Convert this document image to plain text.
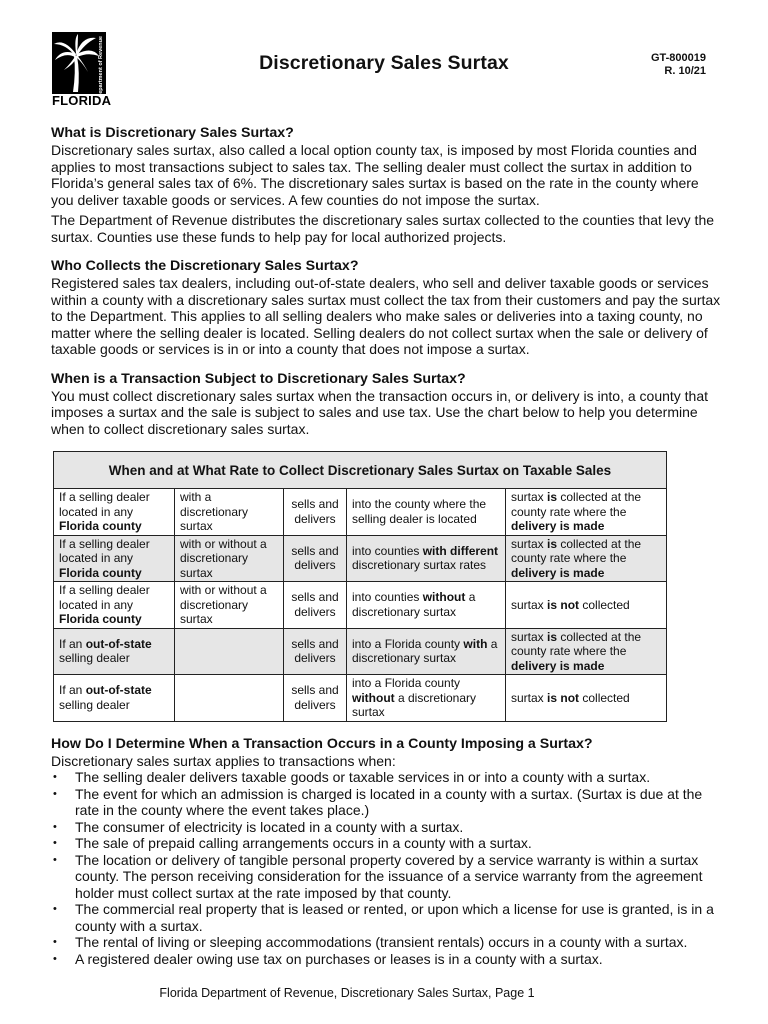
Department of Revenue
FLORIDA
Discretionary Sales Surtax	GT-800019
R. 10/21
What is Discretionary Sales Surtax?

Discretionary sales surtax, also called a local option county tax, is imposed by most Florida counties and applies to most transactions subject to sales tax. The selling dealer must collect the surtax in addition to Florida’s general sales tax of 6%. The discretionary sales surtax is based on the rate in the county where you deliver taxable goods or services. A few counties do not impose the surtax.

The Department of Revenue distributes the discretionary sales surtax collected to the counties that levy the surtax. Counties use these funds to help pay for local authorized projects.

Who Collects the Discretionary Sales Surtax?

Registered sales tax dealers, including out-of-state dealers, who sell and deliver taxable goods or services within a county with a discretionary sales surtax must collect the tax from their customers and pay the surtax to the Department. This applies to all selling dealers who make sales or deliveries into a taxing county, no matter where the selling dealer is located. Selling dealers do not collect surtax when the sale or delivery of taxable goods or services is in or into a county that does not impose a surtax.

When is a Transaction Subject to Discretionary Sales Surtax?

You must collect discretionary sales surtax when the transaction occurs in, or delivery is into, a county that imposes a surtax and the sale is subject to sales and use tax. Use the chart below to help you determine when to collect discretionary sales surtax.

When and at What Rate to Collect Discretionary Sales Surtax on Taxable Sales				
If a selling dealer located in any Florida county	with a discretionary surtax	sells and delivers	into the county where the selling dealer is located	surtax is collected at the county rate where the delivery is made
If a selling dealer located in any Florida county	with or without a discretionary surtax	sells and delivers	into counties with different discretionary surtax rates	surtax is collected at the county rate where the delivery is made
If a selling dealer located in any Florida county	with or without a discretionary surtax	sells and delivers	into counties without a discretionary surtax	surtax is not collected
If an out-of-state
selling dealer		sells and delivers	into a Florida county with a discretionary surtax	surtax is collected at the county rate where the delivery is made
If an out-of-state
selling dealer		sells and delivers	into a Florida county without a discretionary surtax	surtax is not collected
How Do I Determine When a Transaction Occurs in a County Imposing a Surtax?

Discretionary sales surtax applies to transactions when:

• The selling dealer delivers taxable goods or taxable services in or into a county with a surtax.
• The event for which an admission is charged is located in a county with a surtax. (Surtax is due at the rate in the county where the event takes place.)
• The consumer of electricity is located in a county with a surtax.
• The sale of prepaid calling arrangements occurs in a county with a surtax.
• The location or delivery of tangible personal property covered by a service warranty is within a surtax county. The person receiving consideration for the issuance of a service warranty from the agreement holder must collect surtax at the rate imposed by that county.
• The commercial real property that is leased or rented, or upon which a license for use is granted, is in a county with a surtax.
• The rental of living or sleeping accommodations (transient rentals) occurs in a county with a surtax.
• A registered dealer owing use tax on purchases or leases is in a county with a surtax.
Florida Department of Revenue, Discretionary Sales Surtax, Page 1
